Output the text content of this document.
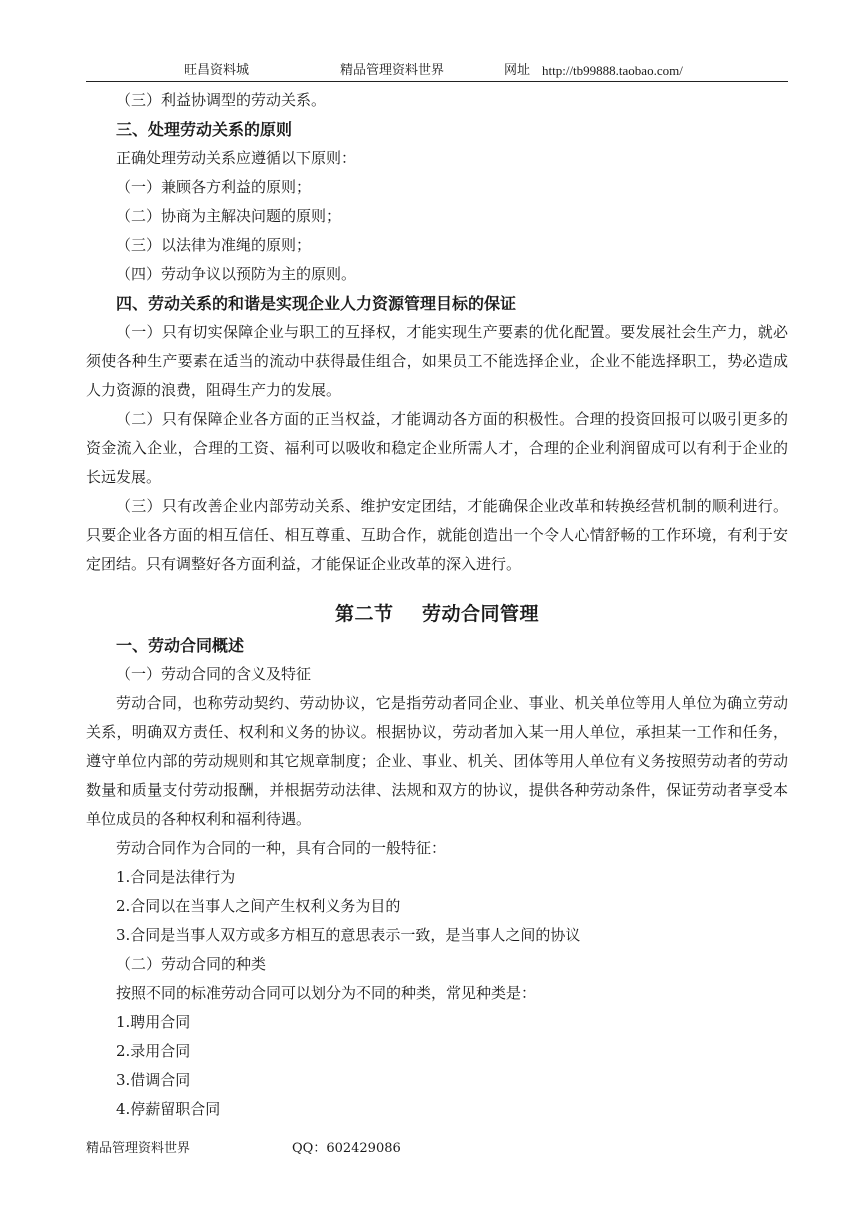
旺昌资料城	精品管理资料世界	网址 http://tb99888.taobao.com/

（三）利益协调型的劳动关系。

三、处理劳动关系的原则

正确处理劳动关系应遵循以下原则：

（一）兼顾各方利益的原则；

（二）协商为主解决问题的原则；

（三）以法律为准绳的原则；

（四）劳动争议以预防为主的原则。

四、劳动关系的和谐是实现企业人力资源管理目标的保证

（一）只有切实保障企业与职工的互择权，才能实现生产要素的优化配置。要发展社会生产力，就必须使各种生产要素在适当的流动中获得最佳组合，如果员工不能选择企业，企业不能选择职工，势必造成人力资源的浪费，阻碍生产力的发展。

（二）只有保障企业各方面的正当权益，才能调动各方面的积极性。合理的投资回报可以吸引更多的资金流入企业，合理的工资、福利可以吸收和稳定企业所需人才，合理的企业利润留成可以有利于企业的长远发展。

（三）只有改善企业内部劳动关系、维护安定团结，才能确保企业改革和转换经营机制的顺利进行。只要企业各方面的相互信任、相互尊重、互助合作，就能创造出一个令人心情舒畅的工作环境，有利于安定团结。只有调整好各方面利益，才能保证企业改革的深入进行。

第二节    劳动合同管理

一、劳动合同概述

（一）劳动合同的含义及特征

劳动合同，也称劳动契约、劳动协议，它是指劳动者同企业、事业、机关单位等用人单位为确立劳动关系，明确双方责任、权利和义务的协议。根据协议，劳动者加入某一用人单位，承担某一工作和任务，遵守单位内部的劳动规则和其它规章制度；企业、事业、机关、团体等用人单位有义务按照劳动者的劳动数量和质量支付劳动报酬，并根据劳动法律、法规和双方的协议，提供各种劳动条件，保证劳动者享受本单位成员的各种权利和福利待遇。

劳动合同作为合同的一种，具有合同的一般特征：

1.合同是法律行为

2.合同以在当事人之间产生权利义务为目的

3.合同是当事人双方或多方相互的意思表示一致，是当事人之间的协议

（二）劳动合同的种类

按照不同的标准劳动合同可以划分为不同的种类，常见种类是：

1.聘用合同

2.录用合同

3.借调合同

4.停薪留职合同

精品管理资料世界	QQ：602429086
